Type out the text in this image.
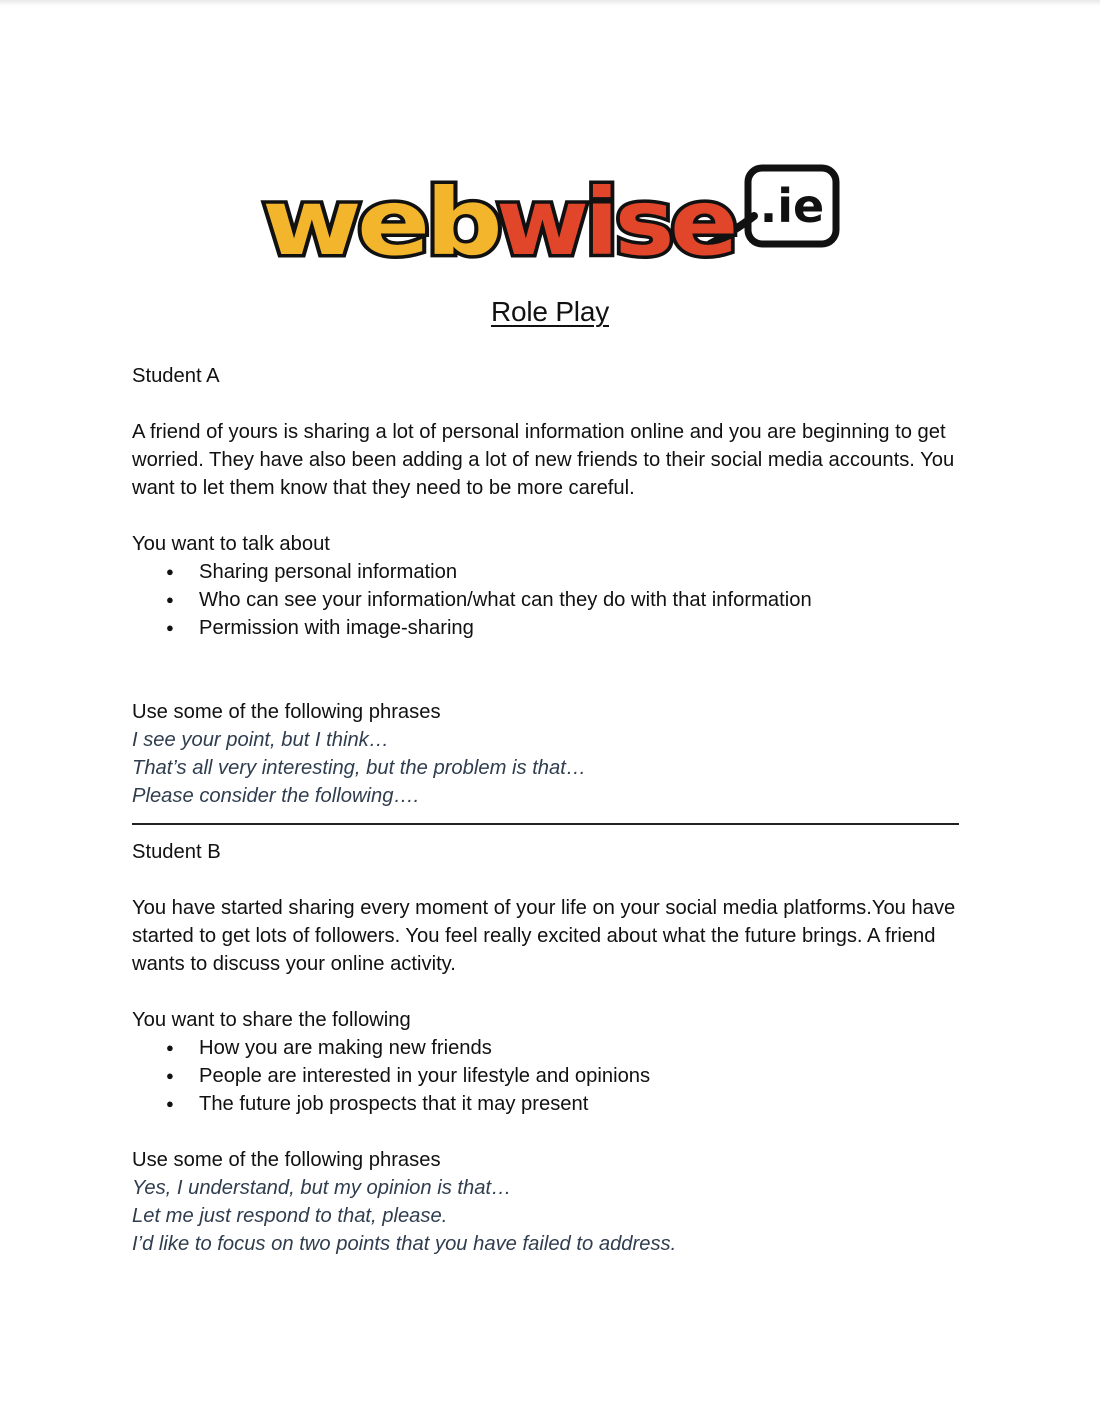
.ie
web
wise
Role Play

Student A

A friend of yours is sharing a lot of personal information online and you are beginning to get worried. They have also been adding a lot of new friends to their social media accounts. You want to let them know that they need to be more careful.

You want to talk about

● Sharing personal information
● Who can see your information/what can they do with that information
● Permission with image-sharing

Use some of the following phrases

I see your point, but I think…

That’s all very interesting, but the problem is that…

Please consider the following….

Student B

You have started sharing every moment of your life on your social media platforms.You have started to get lots of followers. You feel really excited about what the future brings. A friend wants to discuss your online activity.

You want to share the following

● How you are making new friends
● People are interested in your lifestyle and opinions
● The future job prospects that it may present

Use some of the following phrases

Yes, I understand, but my opinion is that…

Let me just respond to that, please.

I’d like to focus on two points that you have failed to address.
